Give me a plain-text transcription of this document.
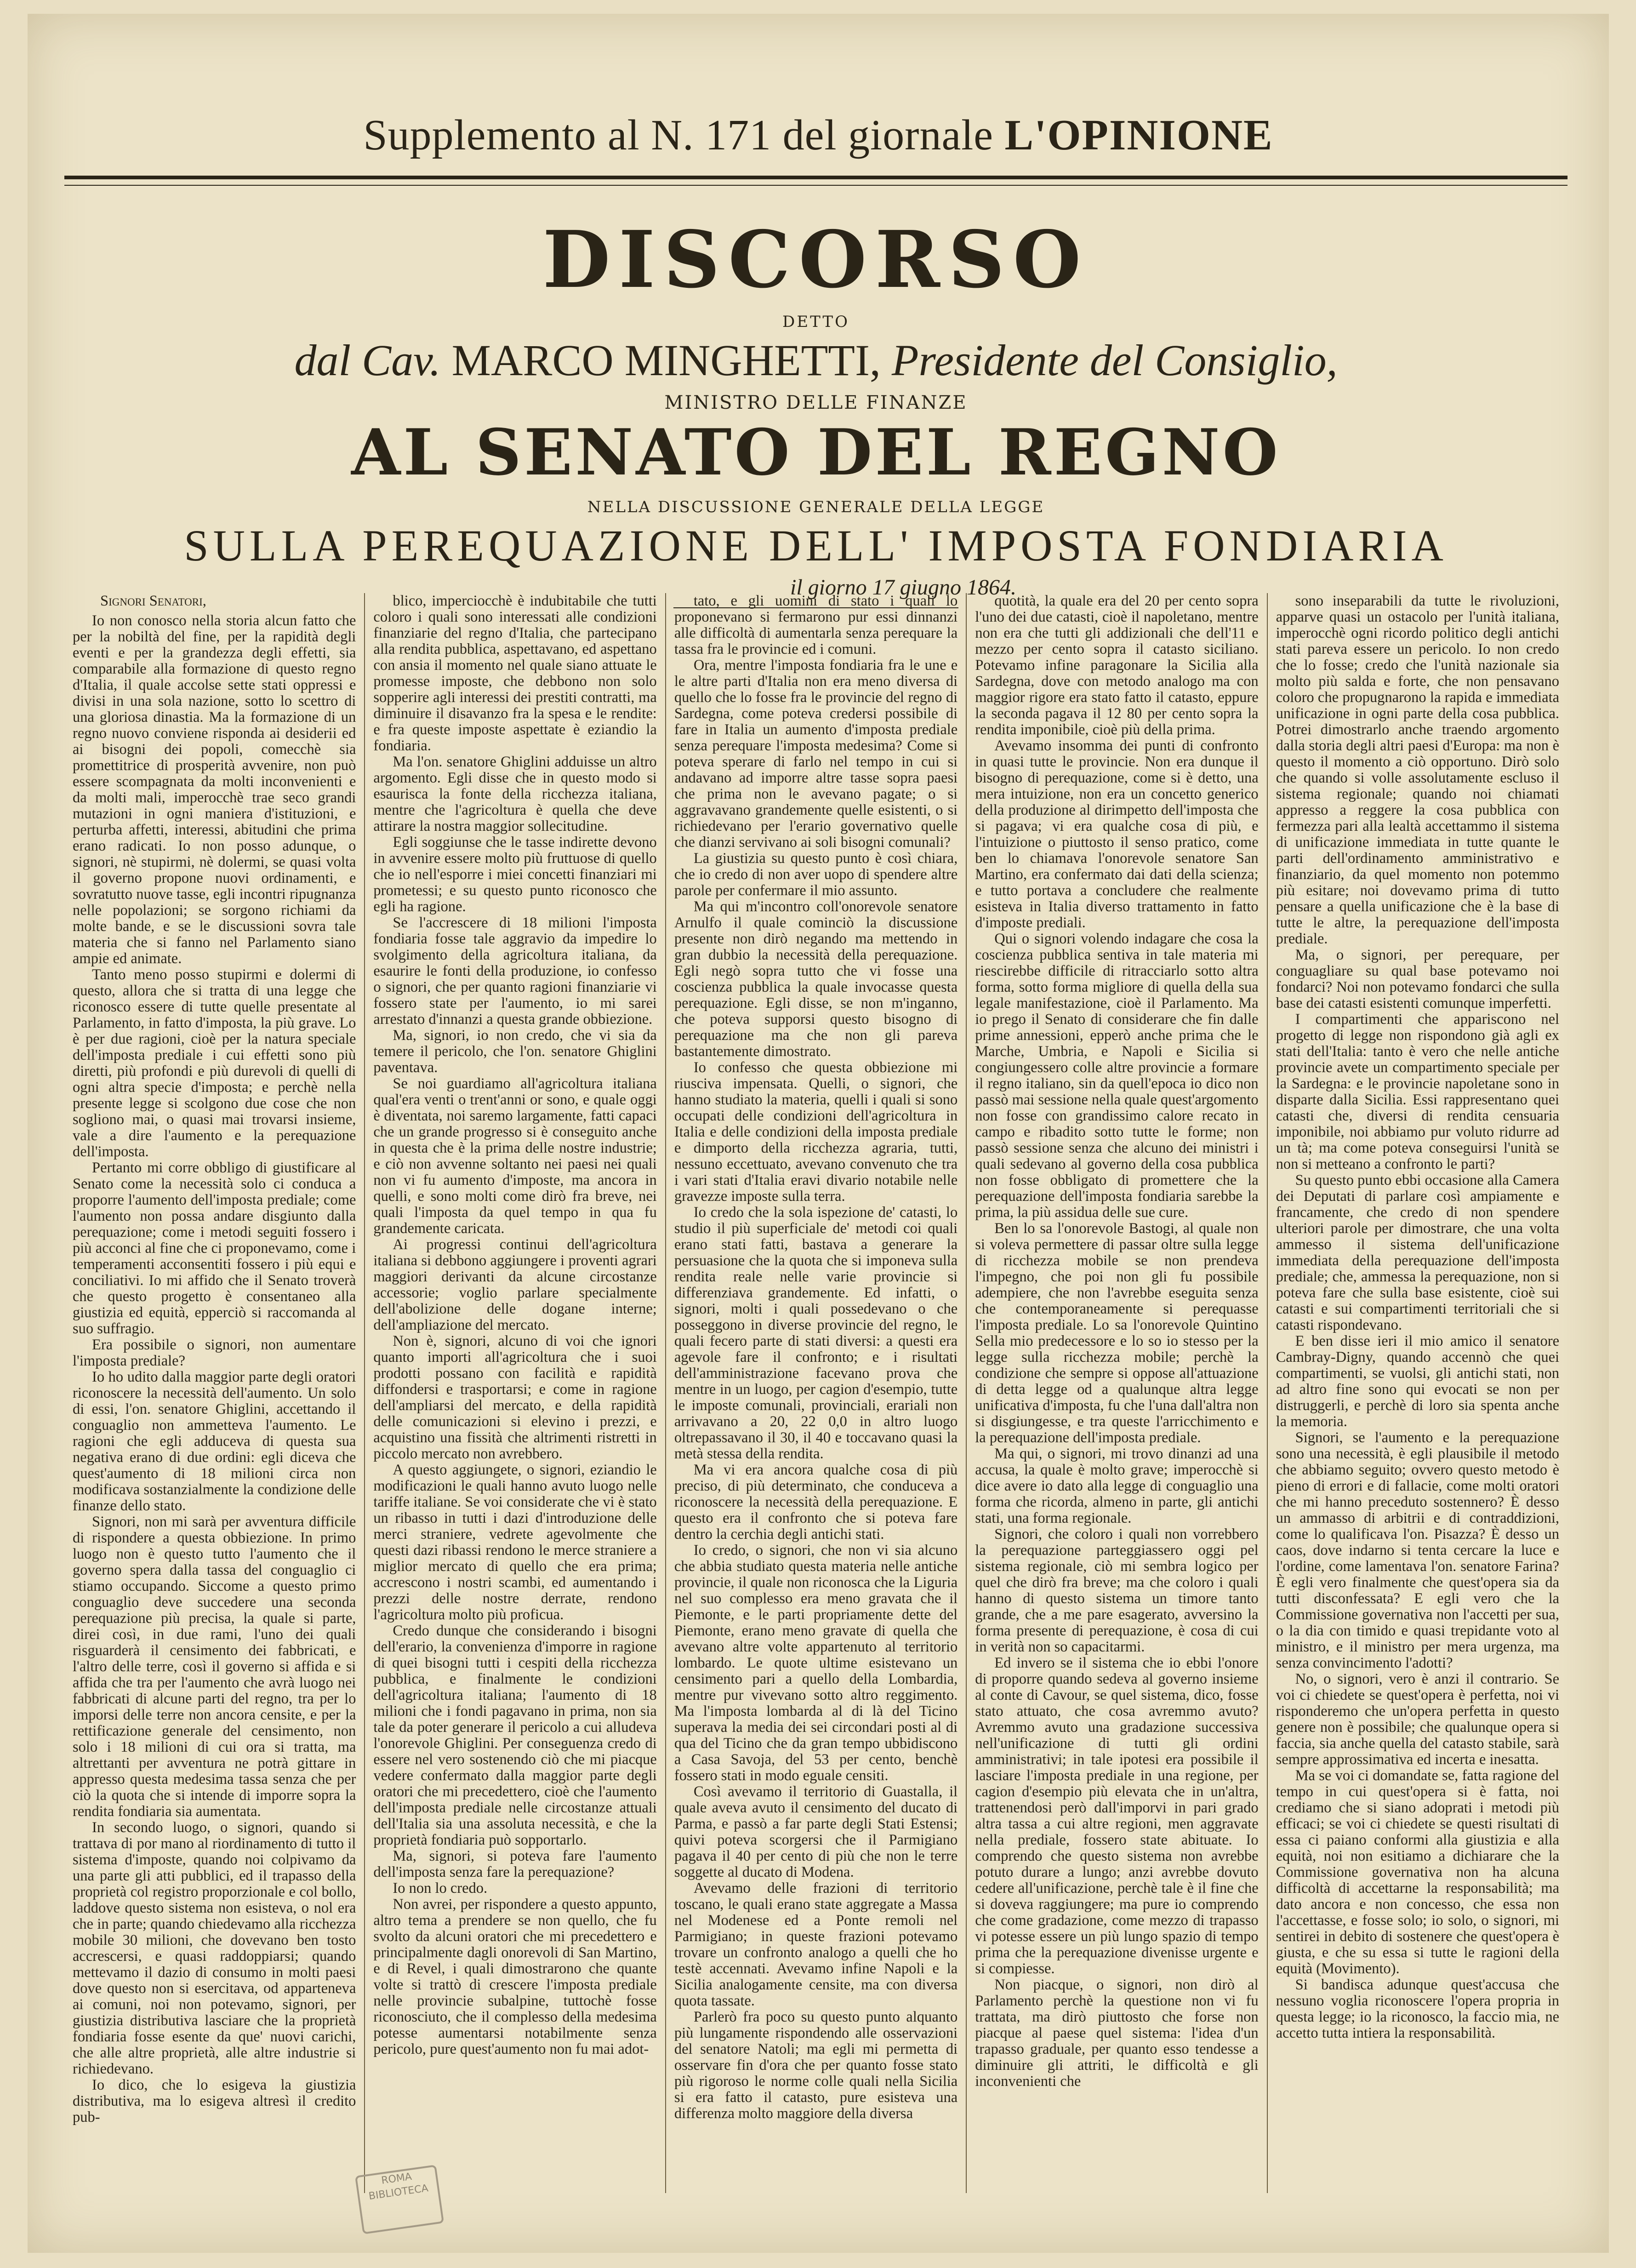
Supplemento al N. 171 del giornale L'OPINIONE
DISCORSO
DETTO
dal Cav. MARCO MINGHETTI, Presidente del Consiglio,
MINISTRO DELLE FINANZE
AL SENATO DEL REGNO
NELLA DISCUSSIONE GENERALE DELLA LEGGE
SULLA PEREQUAZIONE DELL' IMPOSTA FONDIARIA
il giorno 17 giugno 1864.

Signori Senatori,

Io non conosco nella storia alcun fatto che per la nobiltà del fine, per la rapidità degli eventi e per la grandezza degli effetti, sia comparabile alla formazione di questo regno d'Italia, il quale accolse sette stati oppressi e divisi in una sola nazione, sotto lo scettro di una gloriosa dinastia. Ma la formazione di un regno nuovo conviene risponda ai desiderii ed ai bisogni dei popoli, comecchè sia promettitrice di prosperità avvenire, non può essere scompagnata da molti inconvenienti e da molti mali, imperocchè trae seco grandi mutazioni in ogni maniera d'istituzioni, e perturba affetti, interessi, abitudini che prima erano radicati. Io non posso adunque, o signori, nè stupirmi, nè dolermi, se quasi volta il governo propone nuovi ordinamenti, e sovratutto nuove tasse, egli incontri ripugnanza nelle popolazioni; se sorgono richiami da molte bande, e se le discussioni sovra tale materia che si fanno nel Parlamento siano ampie ed animate.

Tanto meno posso stupirmi e dolermi di questo, allora che si tratta di una legge che riconosco essere di tutte quelle presentate al Parlamento, in fatto d'imposta, la più grave. Lo è per due ragioni, cioè per la natura speciale dell'imposta prediale i cui effetti sono più diretti, più profondi e più durevoli di quelli di ogni altra specie d'imposta; e perchè nella presente legge si scolgono due cose che non sogliono mai, o quasi mai trovarsi insieme, vale a dire l'aumento e la perequazione dell'imposta.

Pertanto mi corre obbligo di giustificare al Senato come la necessità solo ci conduca a proporre l'aumento dell'imposta prediale; come l'aumento non possa andare disgiunto dalla perequazione; come i metodi seguiti fossero i più acconci al fine che ci proponevamo, come i temperamenti acconsentiti fossero i più equi e conciliativi. Io mi affido che il Senato troverà che questo progetto è consentaneo alla giustizia ed equità, epperciò si raccomanda al suo suffragio.

Era possibile o signori, non aumentare l'imposta prediale?

Io ho udito dalla maggior parte degli oratori riconoscere la necessità dell'aumento. Un solo di essi, l'on. senatore Ghiglini, accettando il conguaglio non ammetteva l'aumento. Le ragioni che egli adduceva di questa sua negativa erano di due ordini: egli diceva che quest'aumento di 18 milioni circa non modificava sostanzialmente la condizione delle finanze dello stato.

Signori, non mi sarà per avventura difficile di rispondere a questa obbiezione. In primo luogo non è questo tutto l'aumento che il governo spera dalla tassa del conguaglio ci stiamo occupando. Siccome a questo primo conguaglio deve succedere una seconda perequazione più precisa, la quale si parte, direi così, in due rami, l'uno dei quali risguarderà il censimento dei fabbricati, e l'altro delle terre, così il governo si affida e si affida che tra per l'aumento che avrà luogo nei fabbricati di alcune parti del regno, tra per lo imporsi delle terre non ancora censite, e per la rettificazione generale del censimento, non solo i 18 milioni di cui ora si tratta, ma altrettanti per avventura ne potrà gittare in appresso questa medesima tassa senza che per ciò la quota che si intende di imporre sopra la rendita fondiaria sia aumentata.

In secondo luogo, o signori, quando si trattava di por mano al riordinamento di tutto il sistema d'imposte, quando noi colpivamo da una parte gli atti pubblici, ed il trapasso della proprietà col registro proporzionale e col bollo, laddove questo sistema non esisteva, o nol era che in parte; quando chiedevamo alla ricchezza mobile 30 milioni, che dovevano ben tosto accrescersi, e quasi raddoppiarsi; quando mettevamo il dazio di consumo in molti paesi dove questo non si esercitava, od apparteneva ai comuni, noi non potevamo, signori, per giustizia distributiva lasciare che la proprietà fondiaria fosse esente da que' nuovi carichi, che alle altre proprietà, alle altre industrie si richiedevano.

Io dico, che lo esigeva la giustizia distributiva, ma lo esigeva altresì il credito pub-

blico, imperciocchè è indubitabile che tutti coloro i quali sono interessati alle condizioni finanziarie del regno d'Italia, che partecipano alla rendita pubblica, aspettavano, ed aspettano con ansia il momento nel quale siano attuate le promesse imposte, che debbono non solo sopperire agli interessi dei prestiti contratti, ma diminuire il disavanzo fra la spesa e le rendite: e fra queste imposte aspettate è eziandio la fondiaria.

Ma l'on. senatore Ghiglini adduisse un altro argomento. Egli disse che in questo modo si esaurisca la fonte della ricchezza italiana, mentre che l'agricoltura è quella che deve attirare la nostra maggior sollecitudine.

Egli soggiunse che le tasse indirette devono in avvenire essere molto più fruttuose di quello che io nell'esporre i miei concetti finanziari mi prometessi; e su questo punto riconosco che egli ha ragione.

Se l'accrescere di 18 milioni l'imposta fondiaria fosse tale aggravio da impedire lo svolgimento della agricoltura italiana, da esaurire le fonti della produzione, io confesso o signori, che per quanto ragioni finanziarie vi fossero state per l'aumento, io mi sarei arrestato d'innanzi a questa grande obbiezione.

Ma, signori, io non credo, che vi sia da temere il pericolo, che l'on. senatore Ghiglini paventava.

Se noi guardiamo all'agricoltura italiana qual'era venti o trent'anni or sono, e quale oggi è diventata, noi saremo largamente, fatti capaci che un grande progresso si è conseguito anche in questa che è la prima delle nostre industrie; e ciò non avvenne soltanto nei paesi nei quali non vi fu aumento d'imposte, ma ancora in quelli, e sono molti come dirò fra breve, nei quali l'imposta da quel tempo in qua fu grandemente caricata.

Ai progressi continui dell'agricoltura italiana si debbono aggiungere i proventi agrari maggiori derivanti da alcune circostanze accessorie; voglio parlare specialmente dell'abolizione delle dogane interne; dell'ampliazione del mercato.

Non è, signori, alcuno di voi che ignori quanto importi all'agricoltura che i suoi prodotti possano con facilità e rapidità diffondersi e trasportarsi; e come in ragione dell'ampliarsi del mercato, e della rapidità delle comunicazioni si elevino i prezzi, e acquistino una fissità che altrimenti ristretti in piccolo mercato non avrebbero.

A questo aggiungete, o signori, eziandio le modificazioni le quali hanno avuto luogo nelle tariffe italiane. Se voi considerate che vi è stato un ribasso in tutti i dazi d'introduzione delle merci straniere, vedrete agevolmente che questi dazi ribassi rendono le merce straniere a miglior mercato di quello che era prima; accrescono i nostri scambi, ed aumentando i prezzi delle nostre derrate, rendono l'agricoltura molto più proficua.

Credo dunque che considerando i bisogni dell'erario, la convenienza d'imporre in ragione di quei bisogni tutti i cespiti della ricchezza pubblica, e finalmente le condizioni dell'agricoltura italiana; l'aumento di 18 milioni che i fondi pagavano in prima, non sia tale da poter generare il pericolo a cui alludeva l'onorevole Ghiglini. Per conseguenza credo di essere nel vero sostenendo ciò che mi piacque vedere confermato dalla maggior parte degli oratori che mi precedettero, cioè che l'aumento dell'imposta prediale nelle circostanze attuali dell'Italia sia una assoluta necessità, e che la proprietà fondiaria può sopportarlo.

Ma, signori, si poteva fare l'aumento dell'imposta senza fare la perequazione?

Io non lo credo.

Non avrei, per rispondere a questo appunto, altro tema a prendere se non quello, che fu svolto da alcuni oratori che mi precedettero e principalmente dagli onorevoli di San Martino, e di Revel, i quali dimostrarono che quante volte si trattò di crescere l'imposta prediale nelle provincie subalpine, tuttochè fosse riconosciuto, che il complesso della medesima potesse aumentarsi notabilmente senza pericolo, pure quest'aumento non fu mai adot-

tato, e gli uomini di stato i quali lo proponevano si fermarono pur essi dinnanzi alle difficoltà di aumentarla senza perequare la tassa fra le provincie ed i comuni.

Ora, mentre l'imposta fondiaria fra le une e le altre parti d'Italia non era meno diversa di quello che lo fosse fra le provincie del regno di Sardegna, come poteva credersi possibile di fare in Italia un aumento d'imposta prediale senza perequare l'imposta medesima? Come si poteva sperare di farlo nel tempo in cui si andavano ad imporre altre tasse sopra paesi che prima non le avevano pagate; o si aggravavano grandemente quelle esistenti, o si richiedevano per l'erario governativo quelle che dianzi servivano ai soli bisogni comunali?

La giustizia su questo punto è così chiara, che io credo di non aver uopo di spendere altre parole per confermare il mio assunto.

Ma qui m'incontro coll'onorevole senatore Arnulfo il quale cominciò la discussione presente non dirò negando ma mettendo in gran dubbio la necessità della perequazione. Egli negò sopra tutto che vi fosse una coscienza pubblica la quale invocasse questa perequazione. Egli disse, se non m'inganno, che poteva supporsi questo bisogno di perequazione ma che non gli pareva bastantemente dimostrato.

Io confesso che questa obbiezione mi riusciva impensata. Quelli, o signori, che hanno studiato la materia, quelli i quali si sono occupati delle condizioni dell'agricoltura in Italia e delle condizioni della imposta prediale e dimporto della ricchezza agraria, tutti, nessuno eccettuato, avevano convenuto che tra i vari stati d'Italia eravi divario notabile nelle gravezze imposte sulla terra.

Io credo che la sola ispezione de' catasti, lo studio il più superficiale de' metodi coi quali erano stati fatti, bastava a generare la persuasione che la quota che si imponeva sulla rendita reale nelle varie provincie si differenziava grandemente. Ed infatti, o signori, molti i quali possedevano o che posseggono in diverse provincie del regno, le quali fecero parte di stati diversi: a questi era agevole fare il confronto; e i risultati dell'amministrazione facevano prova che mentre in un luogo, per cagion d'esempio, tutte le imposte comunali, provinciali, erariali non arrivavano a 20, 22 0,0 in altro luogo oltrepassavano il 30, il 40 e toccavano quasi la metà stessa della rendita.

Ma vi era ancora qualche cosa di più preciso, di più determinato, che conduceva a riconoscere la necessità della perequazione. E questo era il confronto che si poteva fare dentro la cerchia degli antichi stati.

Io credo, o signori, che non vi sia alcuno che abbia studiato questa materia nelle antiche provincie, il quale non riconosca che la Liguria nel suo complesso era meno gravata che il Piemonte, e le parti propriamente dette del Piemonte, erano meno gravate di quella che avevano altre volte appartenuto al territorio lombardo. Le quote ultime esistevano un censimento pari a quello della Lombardia, mentre pur vivevano sotto altro reggimento. Ma l'imposta lombarda al di là del Ticino superava la media dei sei circondari posti al di qua del Ticino che da gran tempo ubbidiscono a Casa Savoja, del 53 per cento, benchè fossero stati in modo eguale censiti.

Così avevamo il territorio di Guastalla, il quale aveva avuto il censimento del ducato di Parma, e passò a far parte degli Stati Estensi; quivi poteva scorgersi che il Parmigiano pagava il 40 per cento di più che non le terre soggette al ducato di Modena.

Avevamo delle frazioni di territorio toscano, le quali erano state aggregate a Massa nel Modenese ed a Ponte remoli nel Parmigiano; in queste frazioni potevamo trovare un confronto analogo a quelli che ho testè accennati. Avevamo infine Napoli e la Sicilia analogamente censite, ma con diversa quota tassate.

Parlerò fra poco su questo punto alquanto più lungamente rispondendo alle osservazioni del senatore Natoli; ma egli mi permetta di osservare fin d'ora che per quanto fosse stato più rigoroso le norme colle quali nella Sicilia si era fatto il catasto, pure esisteva una differenza molto maggiore della diversa

quotità, la quale era del 20 per cento sopra l'uno dei due catasti, cioè il napoletano, mentre non era che tutti gli addizionali che dell'11 e mezzo per cento sopra il catasto siciliano. Potevamo infine paragonare la Sicilia alla Sardegna, dove con metodo analogo ma con maggior rigore era stato fatto il catasto, eppure la seconda pagava il 12 80 per cento sopra la rendita imponibile, cioè più della prima.

Avevamo insomma dei punti di confronto in quasi tutte le provincie. Non era dunque il bisogno di perequazione, come si è detto, una mera intuizione, non era un concetto generico della produzione al dirimpetto dell'imposta che si pagava; vi era qualche cosa di più, e l'intuizione o piuttosto il senso pratico, come ben lo chiamava l'onorevole senatore San Martino, era confermato dai dati della scienza; e tutto portava a concludere che realmente esisteva in Italia diverso trattamento in fatto d'imposte prediali.

Qui o signori volendo indagare che cosa la coscienza pubblica sentiva in tale materia mi riescirebbe difficile di ritracciarlo sotto altra forma, sotto forma migliore di quella della sua legale manifestazione, cioè il Parlamento. Ma io prego il Senato di considerare che fin dalle prime annessioni, epperò anche prima che le Marche, Umbria, e Napoli e Sicilia si congiungessero colle altre provincie a formare il regno italiano, sin da quell'epoca io dico non passò mai sessione nella quale quest'argomento non fosse con grandissimo calore recato in campo e ribadito sotto tutte le forme; non passò sessione senza che alcuno dei ministri i quali sedevano al governo della cosa pubblica non fosse obbligato di promettere che la perequazione dell'imposta fondiaria sarebbe la prima, la più assidua delle sue cure.

Ben lo sa l'onorevole Bastogi, al quale non si voleva permettere di passar oltre sulla legge di ricchezza mobile se non prendeva l'impegno, che poi non gli fu possibile adempiere, che non l'avrebbe eseguita senza che contemporaneamente si perequasse l'imposta prediale. Lo sa l'onorevole Quintino Sella mio predecessore e lo so io stesso per la legge sulla ricchezza mobile; perchè la condizione che sempre si oppose all'attuazione di detta legge od a qualunque altra legge unificativa d'imposta, fu che l'una dall'altra non si disgiungesse, e tra queste l'arricchimento e la perequazione dell'imposta prediale.

Ma qui, o signori, mi trovo dinanzi ad una accusa, la quale è molto grave; imperocchè si dice avere io dato alla legge di conguaglio una forma che ricorda, almeno in parte, gli antichi stati, una forma regionale.

Signori, che coloro i quali non vorrebbero la perequazione parteggiassero oggi pel sistema regionale, ciò mi sembra logico per quel che dirò fra breve; ma che coloro i quali hanno di questo sistema un timore tanto grande, che a me pare esagerato, avversino la forma presente di perequazione, è cosa di cui in verità non so capacitarmi.

Ed invero se il sistema che io ebbi l'onore di proporre quando sedeva al governo insieme al conte di Cavour, se quel sistema, dico, fosse stato attuato, che cosa avremmo avuto? Avremmo avuto una gradazione successiva nell'unificazione di tutti gli ordini amministrativi; in tale ipotesi era possibile il lasciare l'imposta prediale in una regione, per cagion d'esempio più elevata che in un'altra, trattenendosi però dall'imporvi in pari grado altra tassa a cui altre regioni, men aggravate nella prediale, fossero state abituate. Io comprendo che questo sistema non avrebbe potuto durare a lungo; anzi avrebbe dovuto cedere all'unificazione, perchè tale è il fine che si doveva raggiungere; ma pure io comprendo che come gradazione, come mezzo di trapasso vi potesse essere un più lungo spazio di tempo prima che la perequazione divenisse urgente e si compiesse.

Non piacque, o signori, non dirò al Parlamento perchè la questione non vi fu trattata, ma dirò piuttosto che forse non piacque al paese quel sistema: l'idea d'un trapasso graduale, per quanto esso tendesse a diminuire gli attriti, le difficoltà e gli inconvenienti che

sono inseparabili da tutte le rivoluzioni, apparve quasi un ostacolo per l'unità italiana, imperocchè ogni ricordo politico degli antichi stati pareva essere un pericolo. Io non credo che lo fosse; credo che l'unità nazionale sia molto più salda e forte, che non pensavano coloro che propugnarono la rapida e immediata unificazione in ogni parte della cosa pubblica. Potrei dimostrarlo anche traendo argomento dalla storia degli altri paesi d'Europa: ma non è questo il momento a ciò opportuno. Dirò solo che quando si volle assolutamente escluso il sistema regionale; quando noi chiamati appresso a reggere la cosa pubblica con fermezza pari alla lealtà accettammo il sistema di unificazione immediata in tutte quante le parti dell'ordinamento amministrativo e finanziario, da quel momento non potemmo più esitare; noi dovevamo prima di tutto pensare a quella unificazione che è la base di tutte le altre, la perequazione dell'imposta prediale.

Ma, o signori, per perequare, per conguagliare su qual base potevamo noi fondarci? Noi non potevamo fondarci che sulla base dei catasti esistenti comunque imperfetti.

I compartimenti che appariscono nel progetto di legge non rispondono già agli ex stati dell'Italia: tanto è vero che nelle antiche provincie avete un compartimento speciale per la Sardegna: e le provincie napoletane sono in disparte dalla Sicilia. Essi rappresentano quei catasti che, diversi di rendita censuaria imponibile, noi abbiamo pur voluto ridurre ad un tà; ma come poteva conseguirsi l'unità se non si metteano a confronto le parti?

Su questo punto ebbi occasione alla Camera dei Deputati di parlare così ampiamente e francamente, che credo di non spendere ulteriori parole per dimostrare, che una volta ammesso il sistema dell'unificazione immediata della perequazione dell'imposta prediale; che, ammessa la perequazione, non si poteva fare che sulla base esistente, cioè sui catasti e sui compartimenti territoriali che si catasti rispondevano.

E ben disse ieri il mio amico il senatore Cambray-Digny, quando accennò che quei compartimenti, se vuolsi, gli antichi stati, non ad altro fine sono qui evocati se non per distruggerli, e perchè di loro sia spenta anche la memoria.

Signori, se l'aumento e la perequazione sono una necessità, è egli plausibile il metodo che abbiamo seguito; ovvero questo metodo è pieno di errori e di fallacie, come molti oratori che mi hanno preceduto sostennero? È desso un ammasso di arbitrii e di contraddizioni, come lo qualificava l'on. Pisazza? È desso un caos, dove indarno si tenta cercare la luce e l'ordine, come lamentava l'on. senatore Farina? È egli vero finalmente che quest'opera sia da tutti disconfessata? E egli vero che la Commissione governativa non l'accetti per sua, o la dia con timido e quasi trepidante voto al ministro, e il ministro per mera urgenza, ma senza convincimento l'adotti?

No, o signori, vero è anzi il contrario. Se voi ci chiedete se quest'opera è perfetta, noi vi risponderemo che un'opera perfetta in questo genere non è possibile; che qualunque opera si faccia, sia anche quella del catasto stabile, sarà sempre approssimativa ed incerta e inesatta.

Ma se voi ci domandate se, fatta ragione del tempo in cui quest'opera si è fatta, noi crediamo che si siano adoprati i metodi più efficaci; se voi ci chiedete se questi risultati di essa ci paiano conformi alla giustizia e alla equità, noi non esitiamo a dichiarare che la Commissione governativa non ha alcuna difficoltà di accettarne la responsabilità; ma dato ancora e non concesso, che essa non l'accettasse, e fosse solo; io solo, o signori, mi sentirei in debito di sostenere che quest'opera è giusta, e che su essa si tutte le ragioni della equità (Movimento).

Si bandisca adunque quest'accusa che nessuno voglia riconoscere l'opera propria in questa legge; io la riconosco, la faccio mia, ne accetto tutta intiera la responsabilità.

ROMA
BIBLIOTECA
